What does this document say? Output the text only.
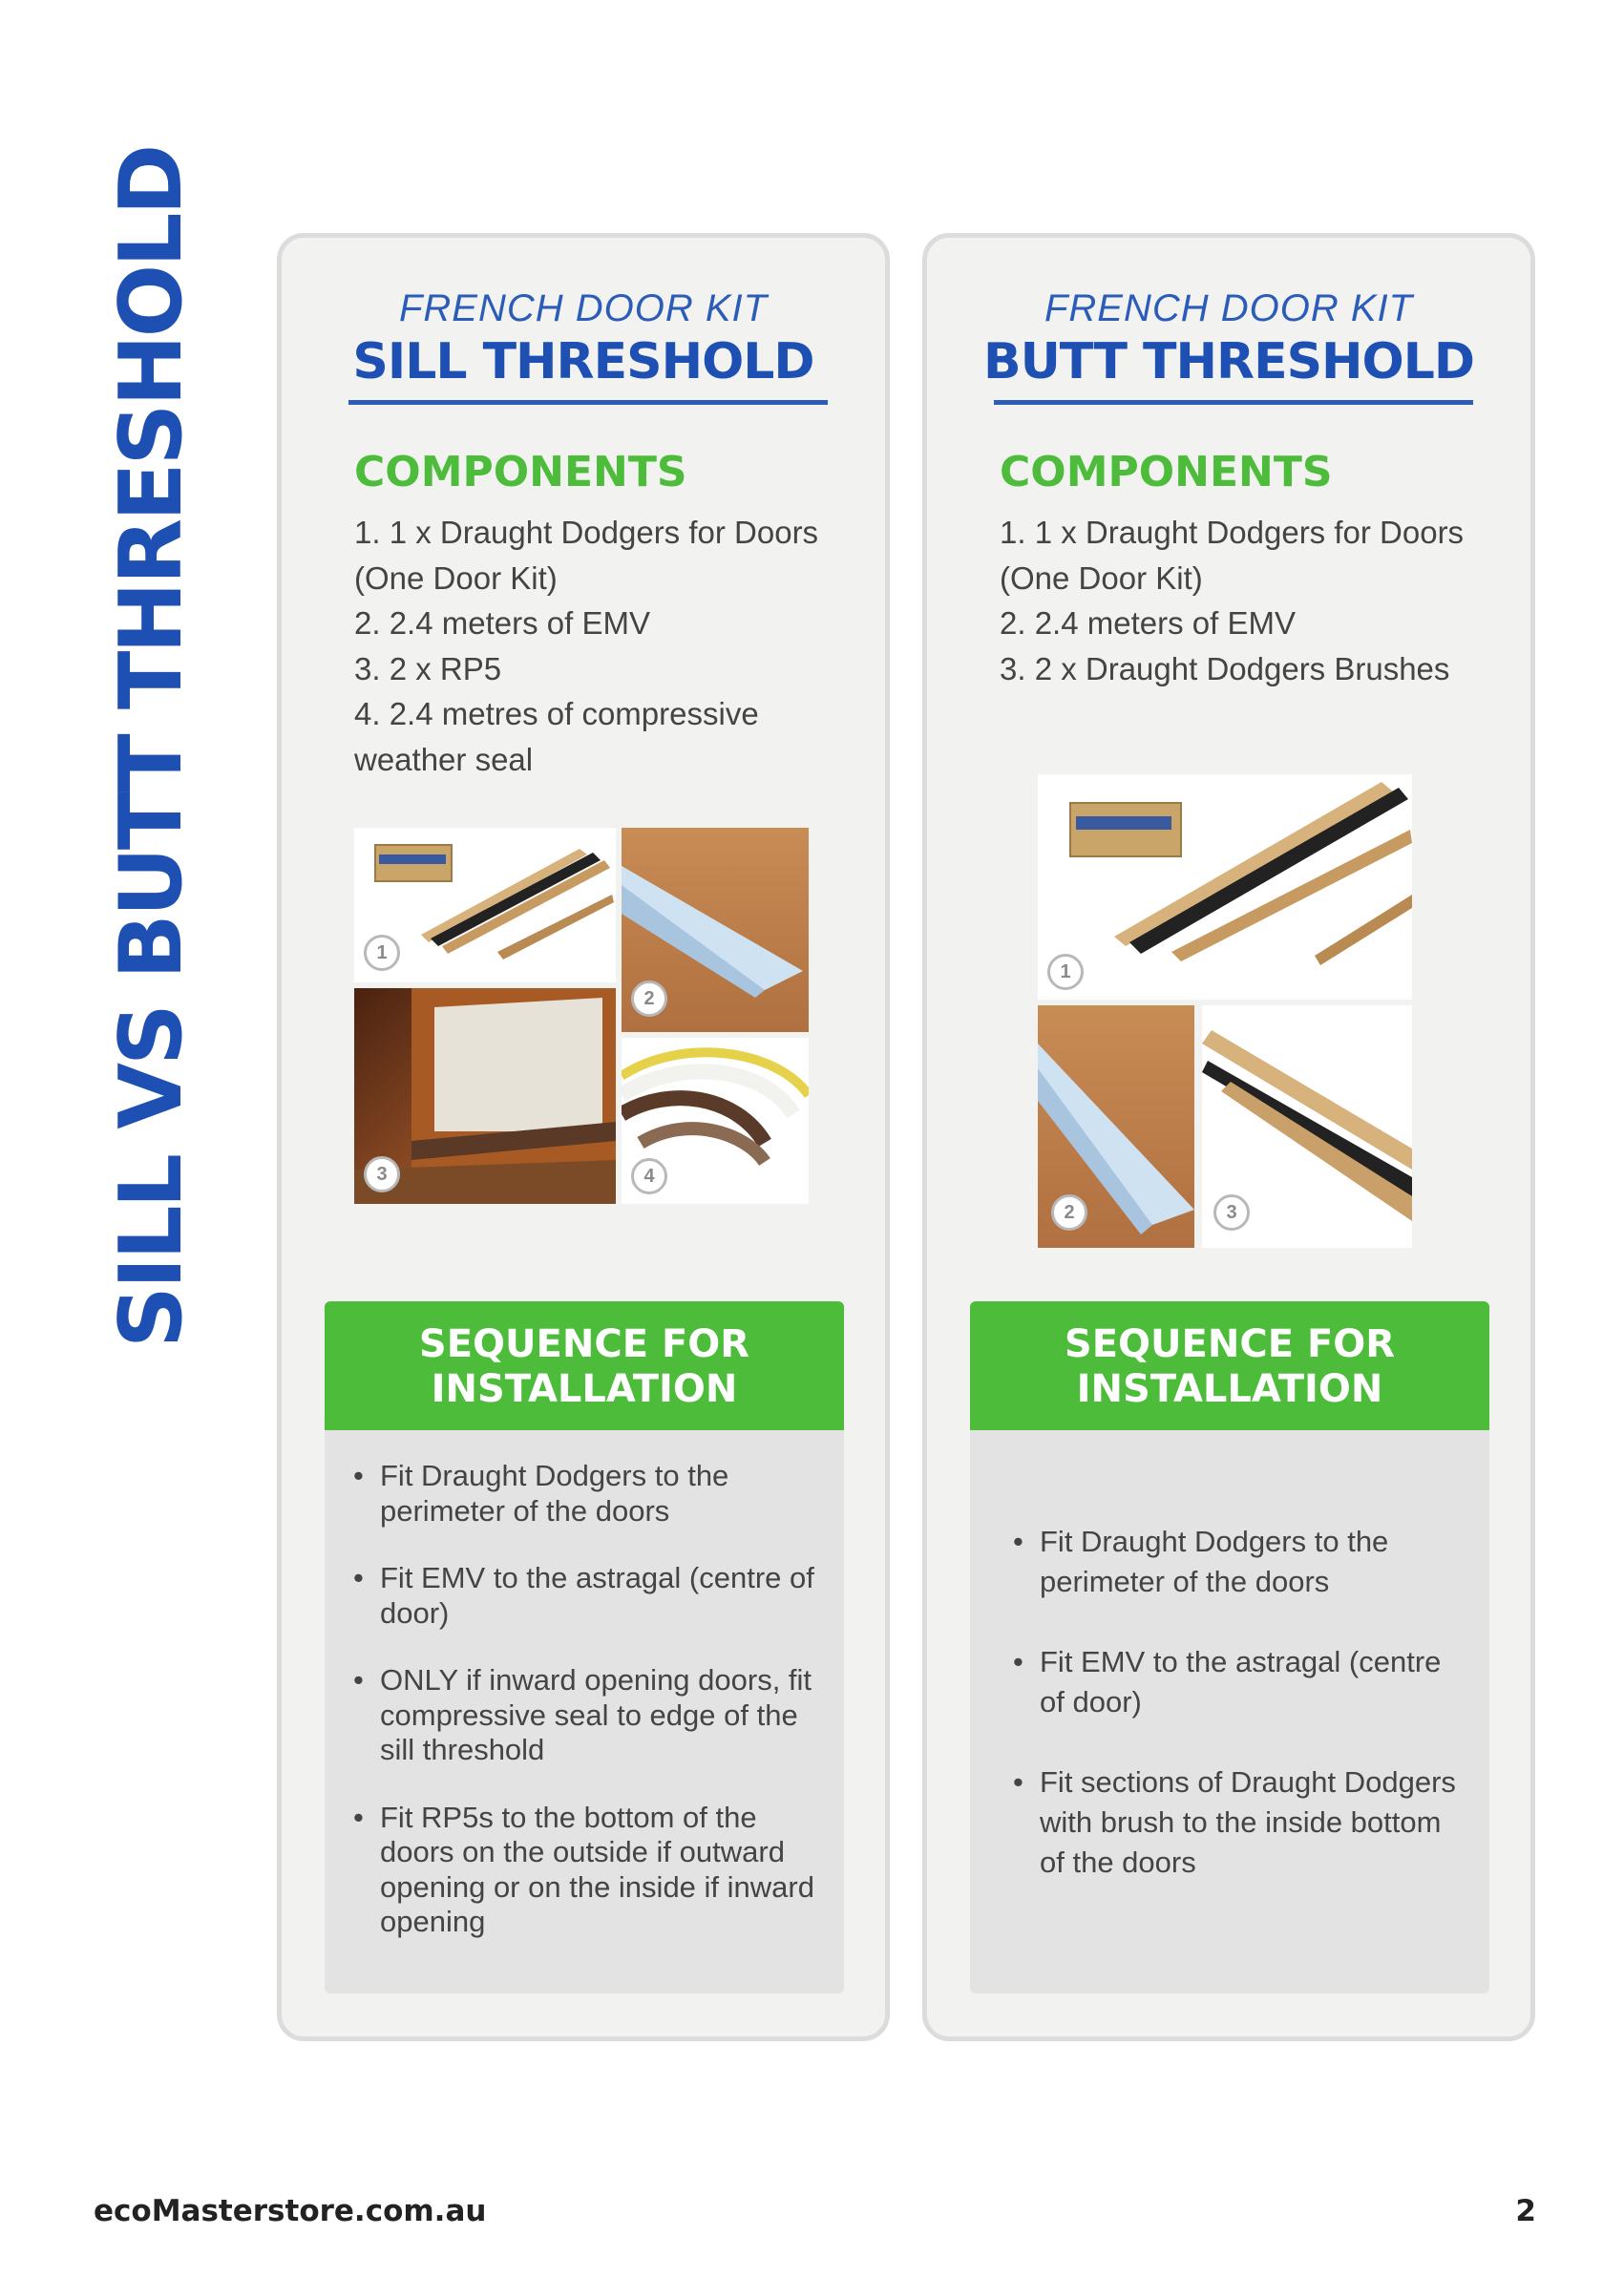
SILL VS BUTT THRESHOLD	FRENCH DOOR KIT
SILL THRESHOLD
COMPONENTS
1. 1 x Draught Dodgers for Doors
(One Door Kit)
2. 2.4 meters of EMV
3. 2 x RP5
4. 2.4 metres of compressive
weather seal
1
2
3	4
SEQUENCE FOR
INSTALLATION
• Fit Draught Dodgers to the perimeter of the doors
• Fit EMV to the astragal (centre of door)
• ONLY if inward opening doors, fit compressive seal to edge of the sill threshold
• Fit RP5s to the bottom of the doors on the outside if outward opening or on the inside if inward opening
FRENCH DOOR KIT
BUTT THRESHOLD
COMPONENTS
1. 1 x Draught Dodgers for Doors
(One Door Kit)
2. 2.4 meters of EMV
3. 2 x Draught Dodgers Brushes
1
2	3
SEQUENCE FOR
INSTALLATION
• Fit Draught Dodgers to the perimeter of the doors
• Fit EMV to the astragal (centre of door)
• Fit sections of Draught Dodgers with brush to the inside bottom of the doors
ecoMasterstore.com.au	2
